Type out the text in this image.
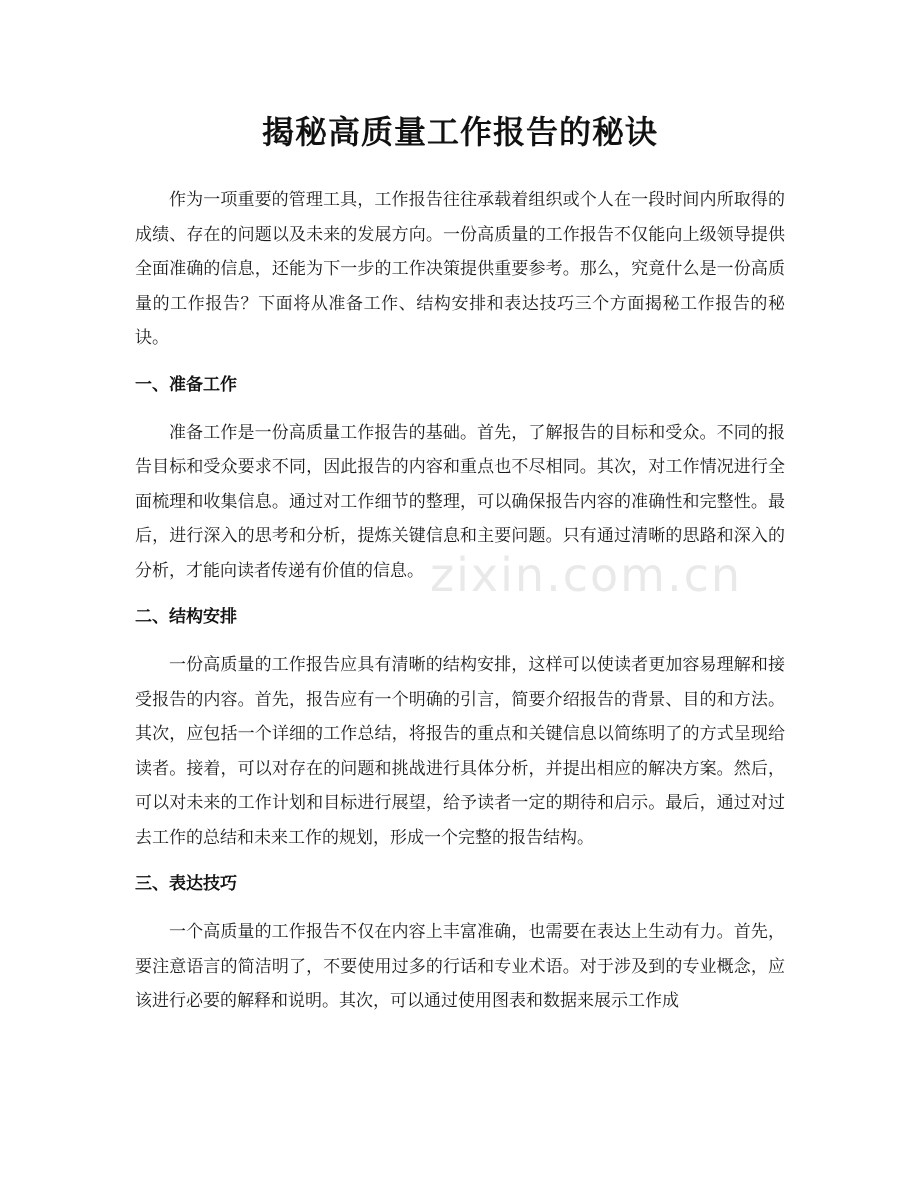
揭秘高质量工作报告的秘诀

作为一项重要的管理工具，工作报告往往承载着组织或个人在一段时间内所取得的成绩、存在的问题以及未来的发展方向。一份高质量的工作报告不仅能向上级领导提供全面准确的信息，还能为下一步的工作决策提供重要参考。那么，究竟什么是一份高质量的工作报告？下面将从准备工作、结构安排和表达技巧三个方面揭秘工作报告的秘诀。

一、准备工作

准备工作是一份高质量工作报告的基础。首先，了解报告的目标和受众。不同的报告目标和受众要求不同，因此报告的内容和重点也不尽相同。其次，对工作情况进行全面梳理和收集信息。通过对工作细节的整理，可以确保报告内容的准确性和完整性。最后，进行深入的思考和分析，提炼关键信息和主要问题。只有通过清晰的思路和深入的分析，才能向读者传递有价值的信息。

二、结构安排

一份高质量的工作报告应具有清晰的结构安排，这样可以使读者更加容易理解和接受报告的内容。首先，报告应有一个明确的引言，简要介绍报告的背景、目的和方法。其次，应包括一个详细的工作总结，将报告的重点和关键信息以简练明了的方式呈现给读者。接着，可以对存在的问题和挑战进行具体分析，并提出相应的解决方案。然后，可以对未来的工作计划和目标进行展望，给予读者一定的期待和启示。最后，通过对过去工作的总结和未来工作的规划，形成一个完整的报告结构。

三、表达技巧

一个高质量的工作报告不仅在内容上丰富准确，也需要在表达上生动有力。首先，要注意语言的简洁明了，不要使用过多的行话和专业术语。对于涉及到的专业概念，应该进行必要的解释和说明。其次，可以通过使用图表和数据来展示工作成

zixin.com.cn
